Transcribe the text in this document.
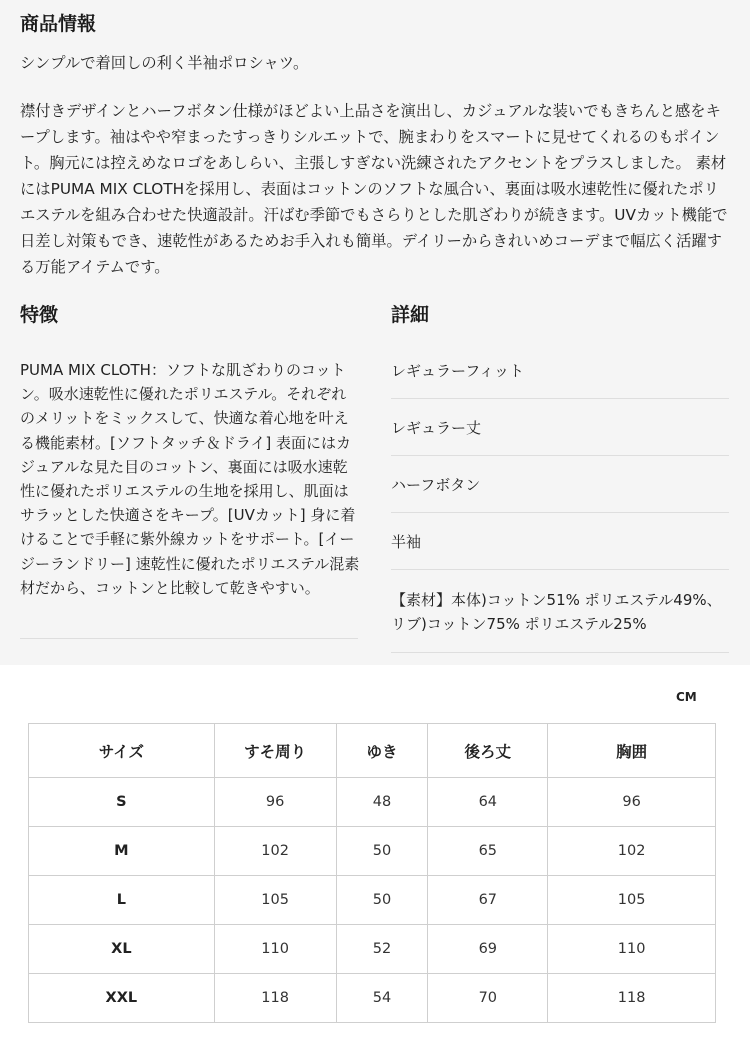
商品情報

シンプルで着回しの利く半袖ポロシャツ。

襟付きデザインとハーフボタン仕様がほどよい上品さを演出し、カジュアルな装いでもきちんと感をキープします。袖はやや窄まったすっきりシルエットで、腕まわりをスマートに見せてくれるのもポイント。胸元には控えめなロゴをあしらい、主張しすぎない洗練されたアクセントをプラスしました。 素材にはPUMA MIX CLOTHを採用し、表面はコットンのソフトな風合い、裏面は吸水速乾性に優れたポリエステルを組み合わせた快適設計。汗ばむ季節でもさらりとした肌ざわりが続きます。UVカット機能で日差し対策もでき、速乾性があるためお手入れも簡単。デイリーからきれいめコーデまで幅広く活躍する万能アイテムです。

特徴

PUMA MIX CLOTH：ソフトな肌ざわりのコットン。吸水速乾性に優れたポリエステル。それぞれのメリットをミックスして、快適な着心地を叶える機能素材。[ソフトタッチ＆ドライ] 表面にはカジュアルな見た目のコットン、裏面には吸水速乾性に優れたポリエステルの生地を採用し、肌面はサラッとした快適さをキープ。[UVカット] 身に着けることで手軽に紫外線カットをサポート。[イージーランドリー] 速乾性に優れたポリエステル混素材だから、コットンと比較して乾きやすい。

詳細
レギュラーフィット
レギュラー丈
ハーフボタン
半袖
【素材】本体)コットン51% ポリエステル49%、リブ)コットン75% ポリエステル25%
CM
サイズ	すそ周り	ゆき	後ろ丈	胸囲
S	96	48	64	96
M	102	50	65	102
L	105	50	67	105
XL	110	52	69	110
XXL	118	54	70	118
